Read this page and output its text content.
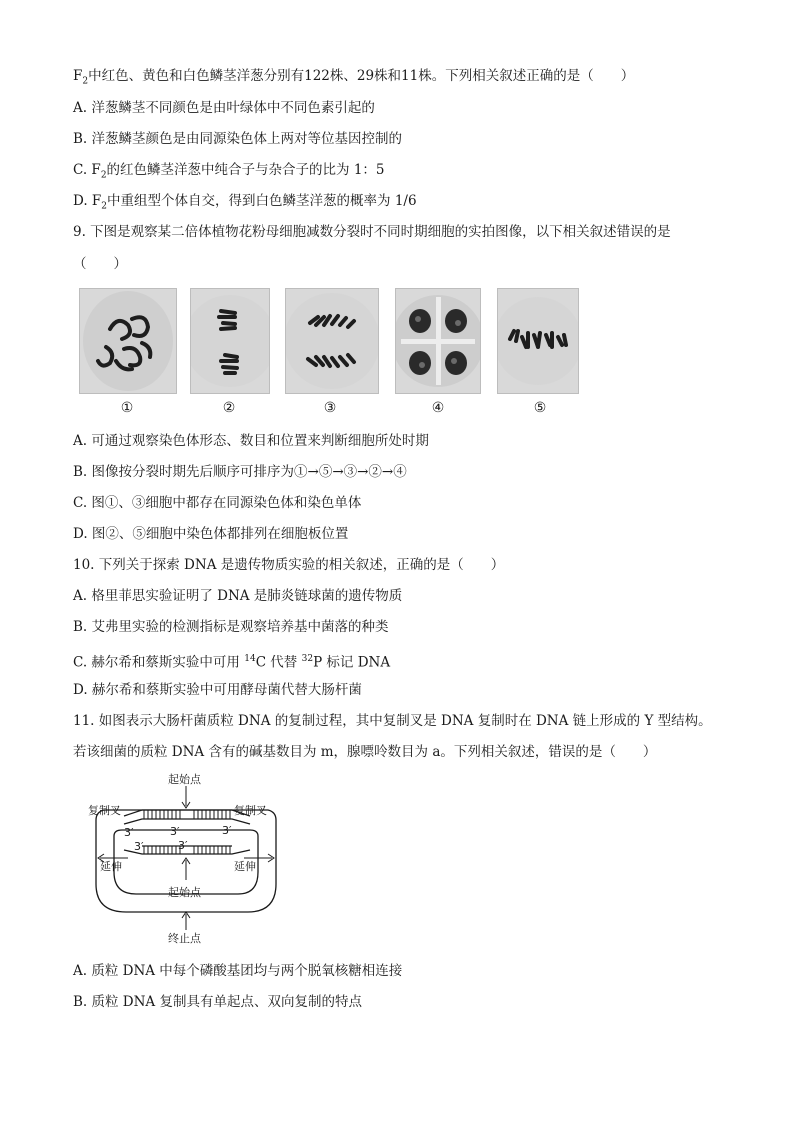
$F_2$中红色、黄色和白色鳞茎洋葱分别有122株、29株和11株。下列相关叙述正确的是（　　）
A. 洋葱鳞茎不同颜色是由叶绿体中不同色素引起的
B. 洋葱鳞茎颜色是由同源染色体上两对等位基因控制的
C. $F_2$的红色鳞茎洋葱中纯合子与杂合子的比为 1：5
D. $F_2$中重组型个体自交，得到白色鳞茎洋葱的概率为 1/6
9. 下图是观察某二倍体植物花粉母细胞减数分裂时不同时期细胞的实拍图像，以下相关叙述错误的是
（　　）
①	②	③	④	⑤
A. 可通过观察染色体形态、数目和位置来判断细胞所处时期
B. 图像按分裂时期先后顺序可排序为①→⑤→③→②→④
C. 图①、③细胞中都存在同源染色体和染色单体
D. 图②、⑤细胞中染色体都排列在细胞板位置
10. 下列关于探索 DNA 是遗传物质实验的相关叙述，正确的是（　　）
A. 格里菲思实验证明了 DNA 是肺炎链球菌的遗传物质
B. 艾弗里实验的检测指标是观察培养基中菌落的种类
C. 赫尔希和蔡斯实验中可用 $^{14}$C 代替 $^{32}$P 标记 DNA
D. 赫尔希和蔡斯实验中可用酵母菌代替大肠杆菌
11. 如图表示大肠杆菌质粒 DNA 的复制过程，其中复制叉是 DNA 复制时在 DNA 链上形成的 Y 型结构。
若该细菌的质粒 DNA 含有的碱基数目为 m，腺嘌呤数目为 a。下列相关叙述，错误的是（　　）
起始点
复制叉	复制叉
3′	3′	3′
3′	3′
延伸	延伸
起始点
终止点
A. 质粒 DNA 中每个磷酸基团均与两个脱氧核糖相连接
B. 质粒 DNA 复制具有单起点、双向复制的特点
